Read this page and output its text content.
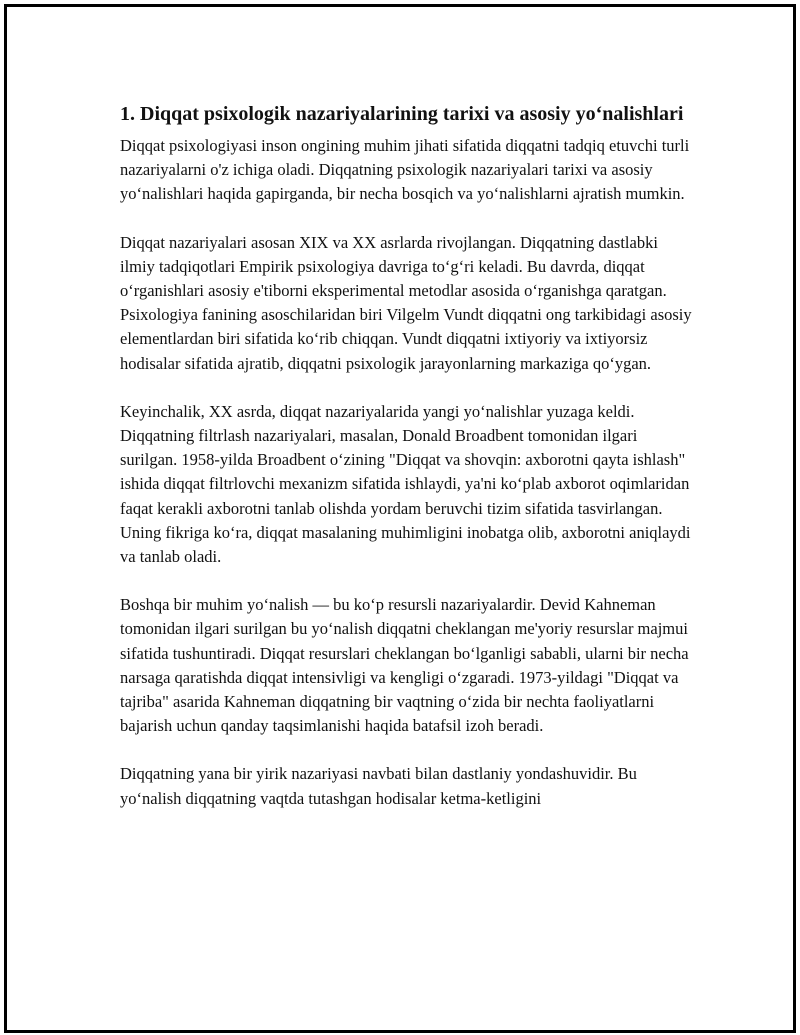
1. Diqqat psixologik nazariyalarining tarixi va asosiy yo‘nalishlari

Diqqat psixologiyasi inson ongining muhim jihati sifatida diqqatni tadqiq etuvchi turli nazariyalarni o'z ichiga oladi. Diqqatning psixologik nazariyalari tarixi va asosiy yo‘nalishlari haqida gapirganda, bir necha bosqich va yo‘nalishlarni ajratish mumkin.

Diqqat nazariyalari asosan XIX va XX asrlarda rivojlangan. Diqqatning dastlabki ilmiy tadqiqotlari Empirik psixologiya davriga to‘g‘ri keladi. Bu davrda, diqqat o‘rganishlari asosiy e'tiborni eksperimental metodlar asosida o‘rganishga qaratgan. Psixologiya fanining asoschilaridan biri Vilgelm Vundt diqqatni ong tarkibidagi asosiy elementlardan biri sifatida ko‘rib chiqqan. Vundt diqqatni ixtiyoriy va ixtiyorsiz hodisalar sifatida ajratib, diqqatni psixologik jarayonlarning markaziga qo‘ygan.

Keyinchalik, XX asrda, diqqat nazariyalarida yangi yo‘nalishlar yuzaga keldi. Diqqatning filtrlash nazariyalari, masalan, Donald Broadbent tomonidan ilgari surilgan. 1958-yilda Broadbent o‘zining "Diqqat va shovqin: axborotni qayta ishlash" ishida diqqat filtrlovchi mexanizm sifatida ishlaydi, ya'ni ko‘plab axborot oqimlaridan faqat kerakli axborotni tanlab olishda yordam beruvchi tizim sifatida tasvirlangan. Uning fikriga ko‘ra, diqqat masalaning muhimligini inobatga olib, axborotni aniqlaydi va tanlab oladi.

Boshqa bir muhim yo‘nalish — bu ko‘p resursli nazariyalardir. Devid Kahneman tomonidan ilgari surilgan bu yo‘nalish diqqatni cheklangan me'yoriy resurslar majmui sifatida tushuntiradi. Diqqat resurslari cheklangan bo‘lganligi sababli, ularni bir necha narsaga qaratishda diqqat intensivligi va kengligi o‘zgaradi. 1973-yildagi "Diqqat va tajriba" asarida Kahneman diqqatning bir vaqtning o‘zida bir nechta faoliyatlarni bajarish uchun qanday taqsimlanishi haqida batafsil izoh beradi.

Diqqatning yana bir yirik nazariyasi navbati bilan dastlaniy yondashuvidir. Bu yo‘nalish diqqatning vaqtda tutashgan hodisalar ketma-ketligini
